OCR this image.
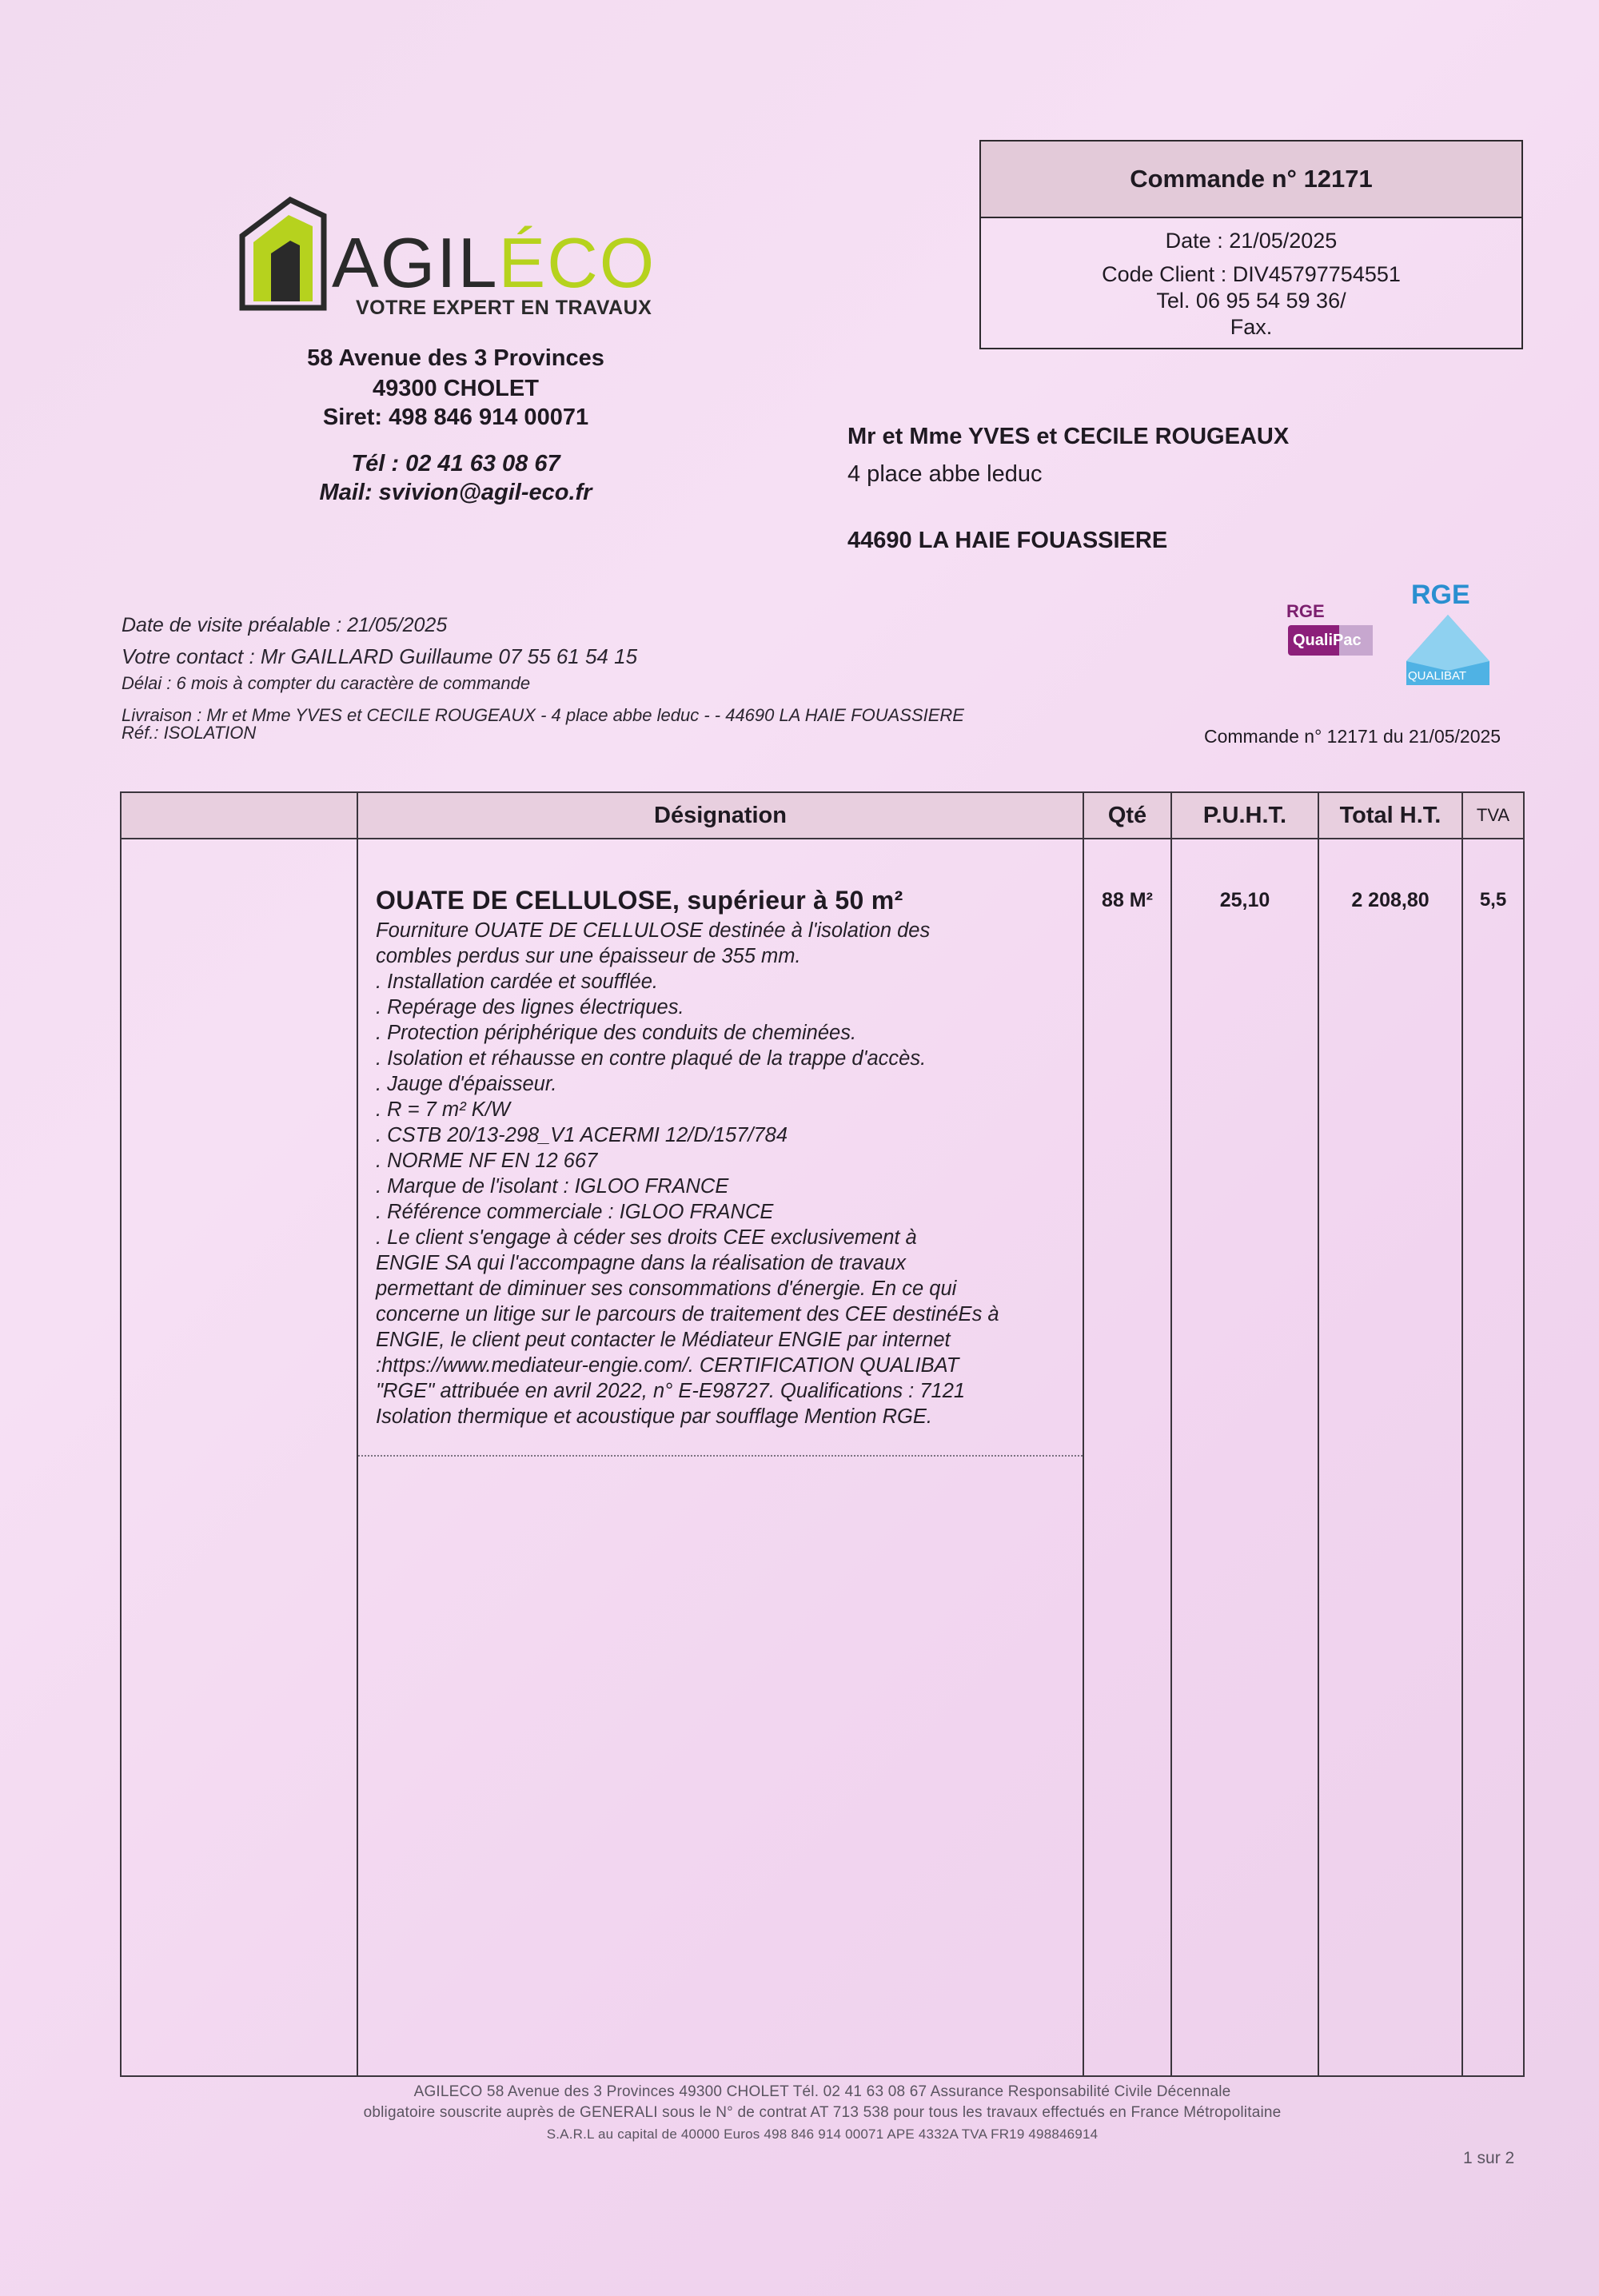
AGILÉCO
VOTRE EXPERT EN TRAVAUX
58 Avenue des 3 Provinces
49300 CHOLET
Siret: 498 846 914 00071
Tél : 02 41 63 08 67
Mail: svivion@agil-eco.fr
Commande n° 12171
Date : 21/05/2025
Code Client : DIV45797754551
Tel. 06 95 54 59 36/
Fax.
Mr et Mme YVES et CECILE ROUGEAUX
4 place abbe leduc
44690 LA HAIE FOUASSIERE
RGE
QualiPac
RGE
QUALIBAT
Date de visite préalable : 21/05/2025
Votre contact : Mr GAILLARD Guillaume 07 55 61 54 15
Délai : 6 mois à compter du caractère de commande
Livraison : Mr et Mme YVES et CECILE ROUGEAUX - 4 place abbe leduc - - 44690 LA HAIE FOUASSIERE
Réf.: ISOLATION	Commande n° 12171 du 21/05/2025
Désignation	Qté	P.U.H.T.	Total H.T.	TVA
OUATE DE CELLULOSE, supérieur à 50 m²	88 M²	25,10	2 208,80	5,5
Fourniture OUATE DE CELLULOSE destinée à l'isolation des
combles perdus sur une épaisseur de 355 mm.
. Installation cardée et soufflée.
. Repérage des lignes électriques.
. Protection périphérique des conduits de cheminées.
. Isolation et réhausse en contre plaqué de la trappe d'accès.
. Jauge d'épaisseur.
. R = 7 m² K/W
. CSTB 20/13-298_V1 ACERMI 12/D/157/784
. NORME NF EN 12 667
. Marque de l'isolant : IGLOO FRANCE
. Référence commerciale : IGLOO FRANCE
. Le client s'engage à céder ses droits CEE exclusivement à
ENGIE SA qui l'accompagne dans la réalisation de travaux
permettant de diminuer ses consommations d'énergie. En ce qui
concerne un litige sur le parcours de traitement des CEE destinéEs à
ENGIE, le client peut contacter le Médiateur ENGIE par internet
:https://www.mediateur-engie.com/. CERTIFICATION QUALIBAT
"RGE" attribuée en avril 2022, n° E-E98727. Qualifications : 7121
Isolation thermique et acoustique par soufflage Mention RGE.
AGILECO 58 Avenue des 3 Provinces 49300 CHOLET Tél. 02 41 63 08 67 Assurance Responsabilité Civile Décennale
obligatoire souscrite auprès de GENERALI sous le N° de contrat AT 713 538 pour tous les travaux effectués en France Métropolitaine
S.A.R.L au capital de 40000 Euros 498 846 914 00071 APE 4332A TVA FR19 498846914
1 sur 2
